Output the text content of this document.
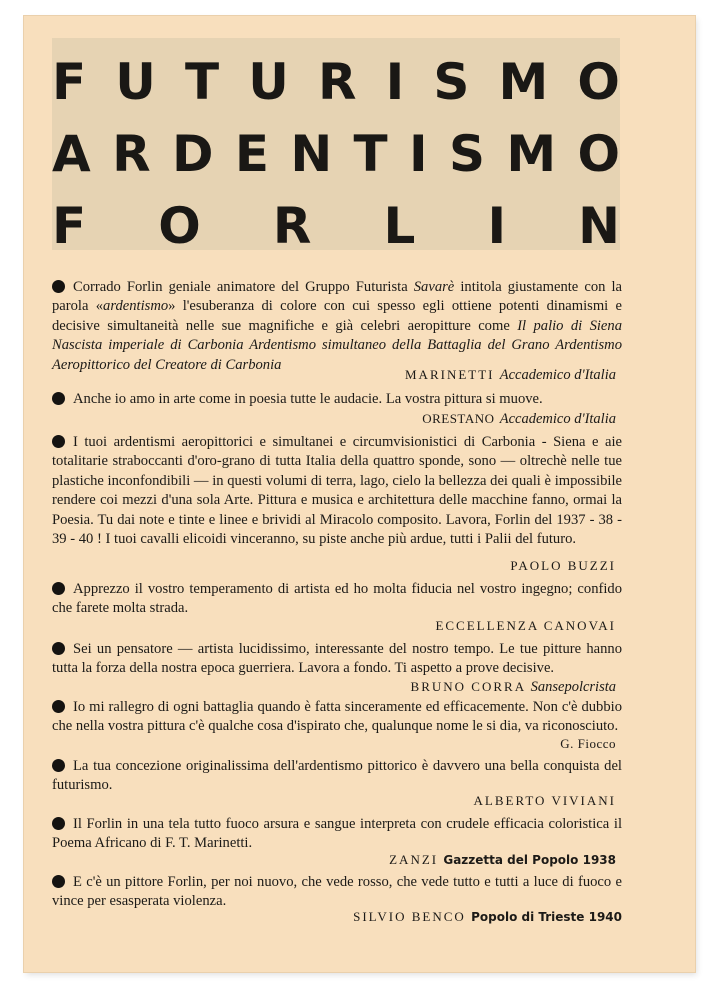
F U T U R I S M O
A R D E N T I S M O
F O R L I N

Corrado Forlin geniale animatore del Gruppo Futurista Savarè intitola giustamente con la parola «ardentismo» l'esuberanza di colore con cui spesso egli ottiene potenti dinamismi e decisive simultaneità nelle sue magnifiche e già celebri aeropitture come Il palio di Siena Nascista imperiale di Carbonia Ardentismo simultaneo della Battaglia del Grano Ardentismo Aeropittorico del Creatore di Carbonia

MARINETTI Accademico d'Italia

Anche io amo in arte come in poesia tutte le audacie. La vostra pittura si muove.

ORESTANO Accademico d'Italia

I tuoi ardentismi aeropittorici e simultanei e circumvisionistici di Carbonia - Siena e aie totalitarie straboccanti d'oro-grano di tutta Italia della quattro sponde, sono — oltrechè nelle tue plastiche inconfondibili — in questi volumi di terra, lago, cielo la bellezza dei quali è impossibile rendere coi mezzi d'una sola Arte. Pittura e musica e architettura delle macchine fanno, ormai la Poesia. Tu dai note e tinte e linee e brividi al Miracolo composito. Lavora, Forlin del 1937 - 38 - 39 - 40 ! I tuoi cavalli elicoidi vinceranno, su piste anche più ardue, tutti i Palii del futuro.

PAOLO BUZZI

Apprezzo il vostro temperamento di artista ed ho molta fiducia nel vostro ingegno; confido che farete molta strada.

ECCELLENZA CANOVAI

Sei un pensatore — artista lucidissimo, interessante del nostro tempo. Le tue pitture hanno tutta la forza della nostra epoca guerriera. Lavora a fondo. Ti aspetto a prove decisive.

BRUNO CORRA Sansepolcrista

Io mi rallegro di ogni battaglia quando è fatta sinceramente ed efficacemente. Non c'è dubbio che nella vostra pittura c'è qualche cosa d'ispirato che, qualunque nome le si dia, va riconosciuto.

G. Fiocco

La tua concezione originalissima dell'ardentismo pittorico è davvero una bella conquista del futurismo.

ALBERTO VIVIANI

Il Forlin in una tela tutto fuoco arsura e sangue interpreta con crudele efficacia coloristica il Poema Africano di F. T. Marinetti.

ZANZI Gazzetta del Popolo 1938

E c'è un pittore Forlin, per noi nuovo, che vede rosso, che vede tutto e tutti a luce di fuoco e vince per esasperata violenza.

SILVIO BENCO Popolo di Trieste 1940
